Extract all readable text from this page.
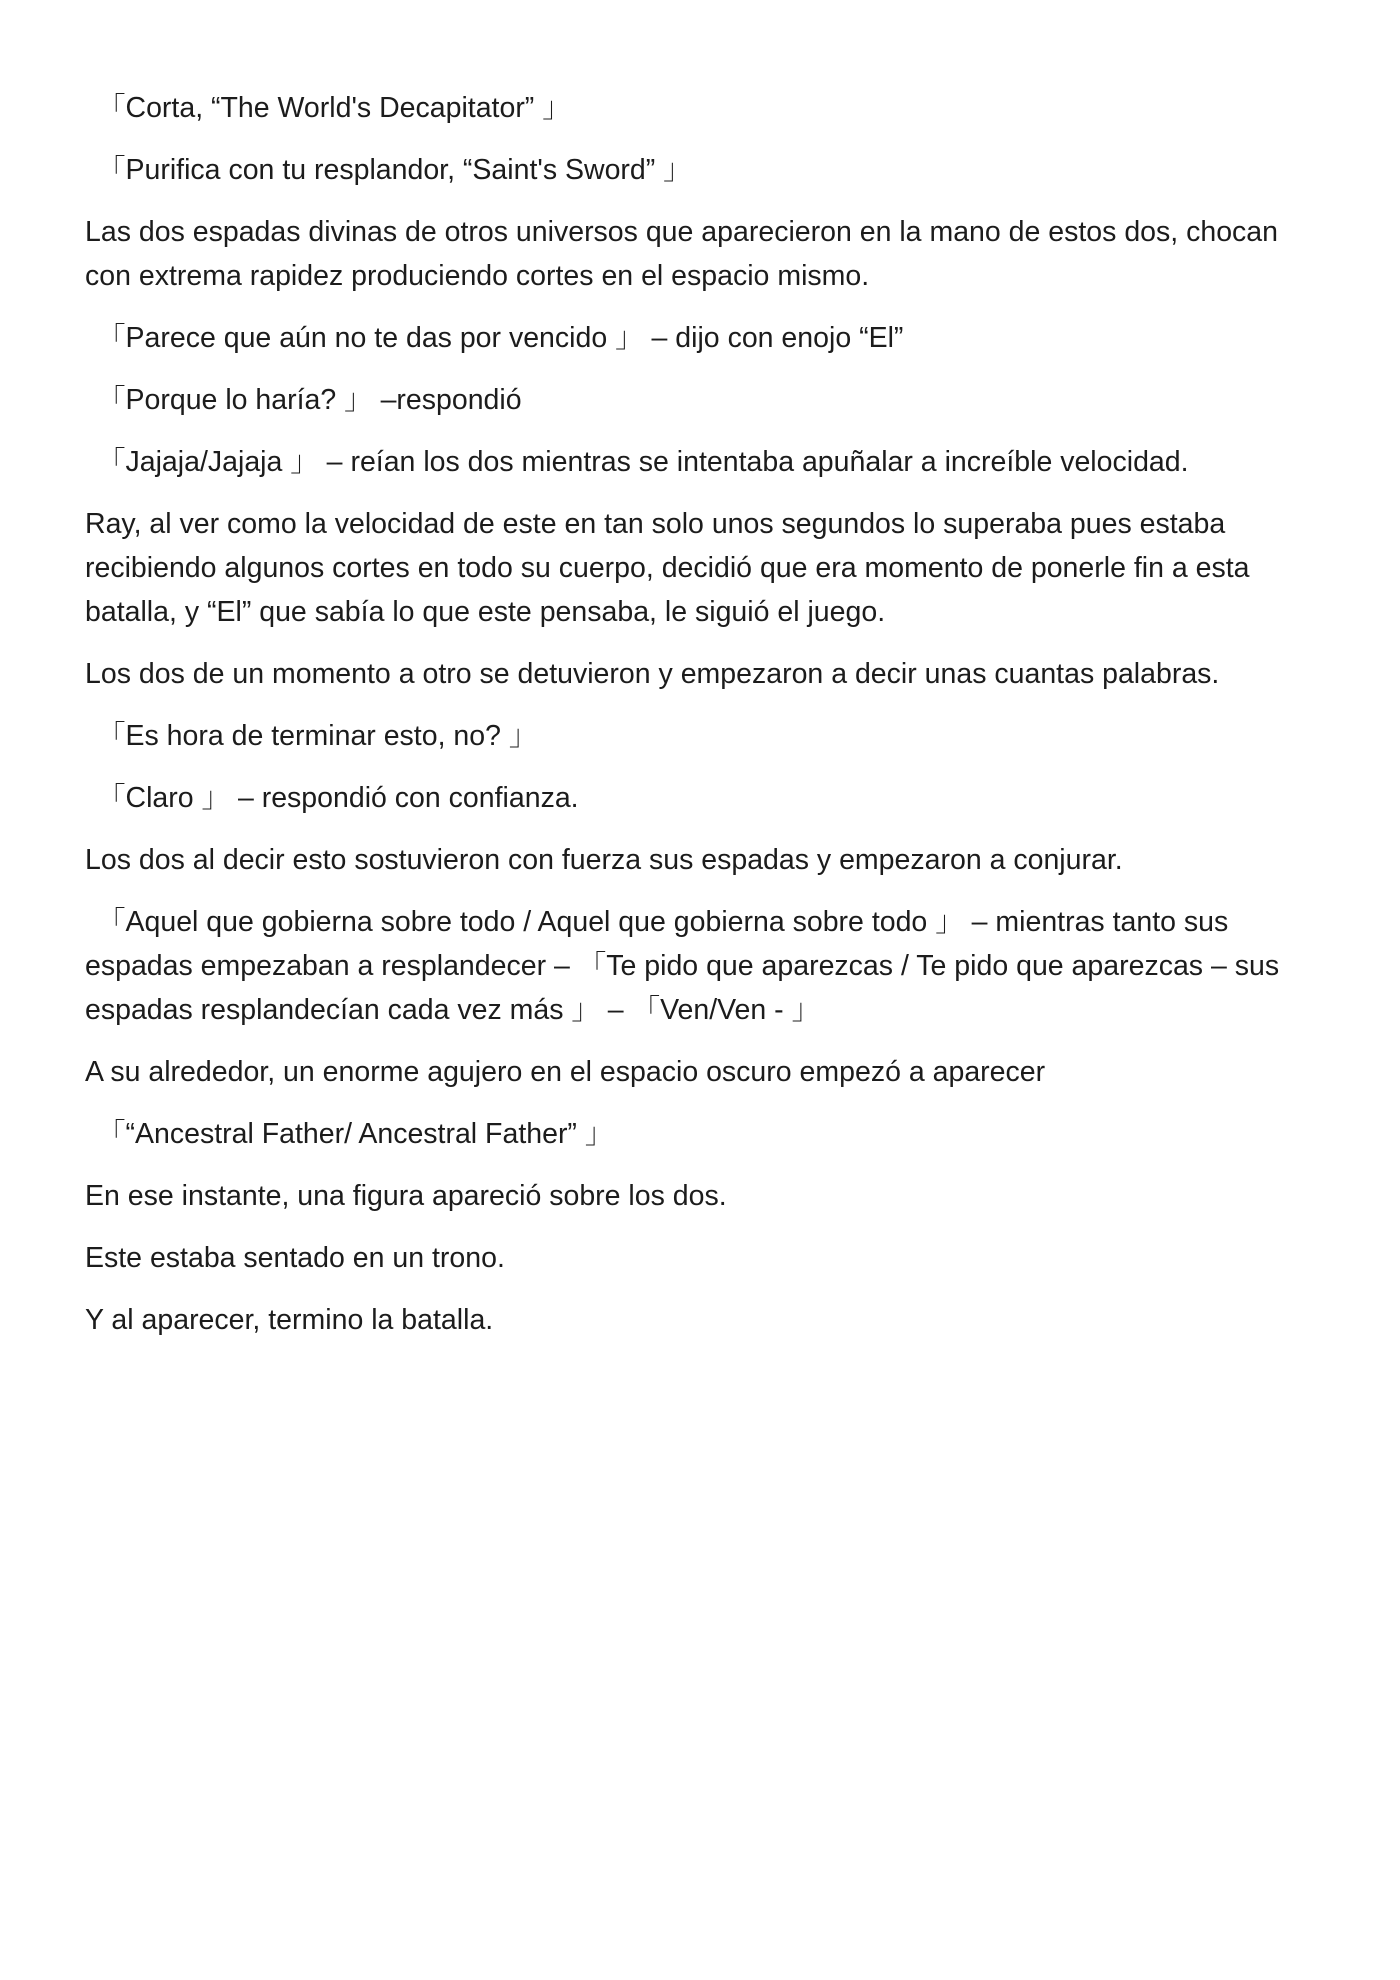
「Corta, “The World's Decapitator” 」

「Purifica con tu resplandor, “Saint's Sword” 」

Las dos espadas divinas de otros universos que aparecieron en la mano de estos dos, chocan con extrema rapidez produciendo cortes en el espacio mismo.

「Parece que aún no te das por vencido 」 – dijo con enojo “El”

「Porque lo haría? 」 –respondió

「Jajaja/Jajaja 」 – reían los dos mientras se intentaba apuñalar a increíble velocidad.

Ray, al ver como la velocidad de este en tan solo unos segundos lo superaba pues estaba recibiendo algunos cortes en todo su cuerpo, decidió que era momento de ponerle fin a esta batalla, y “El” que sabía lo que este pensaba, le siguió el juego.

Los dos de un momento a otro se detuvieron y empezaron a decir unas cuantas palabras.

「Es hora de terminar esto, no? 」

「Claro 」 – respondió con confianza.

Los dos al decir esto sostuvieron con fuerza sus espadas y empezaron a conjurar.

「Aquel que gobierna sobre todo / Aquel que gobierna sobre todo 」 – mientras tanto sus espadas empezaban a resplandecer – 「Te pido que aparezcas / Te pido que aparezcas – sus espadas resplandecían cada vez más 」 – 「Ven/Ven - 」

A su alrededor, un enorme agujero en el espacio oscuro empezó a aparecer

「“Ancestral Father/ Ancestral Father” 」

En ese instante, una figura apareció sobre los dos.

Este estaba sentado en un trono.

Y al aparecer, termino la batalla.
